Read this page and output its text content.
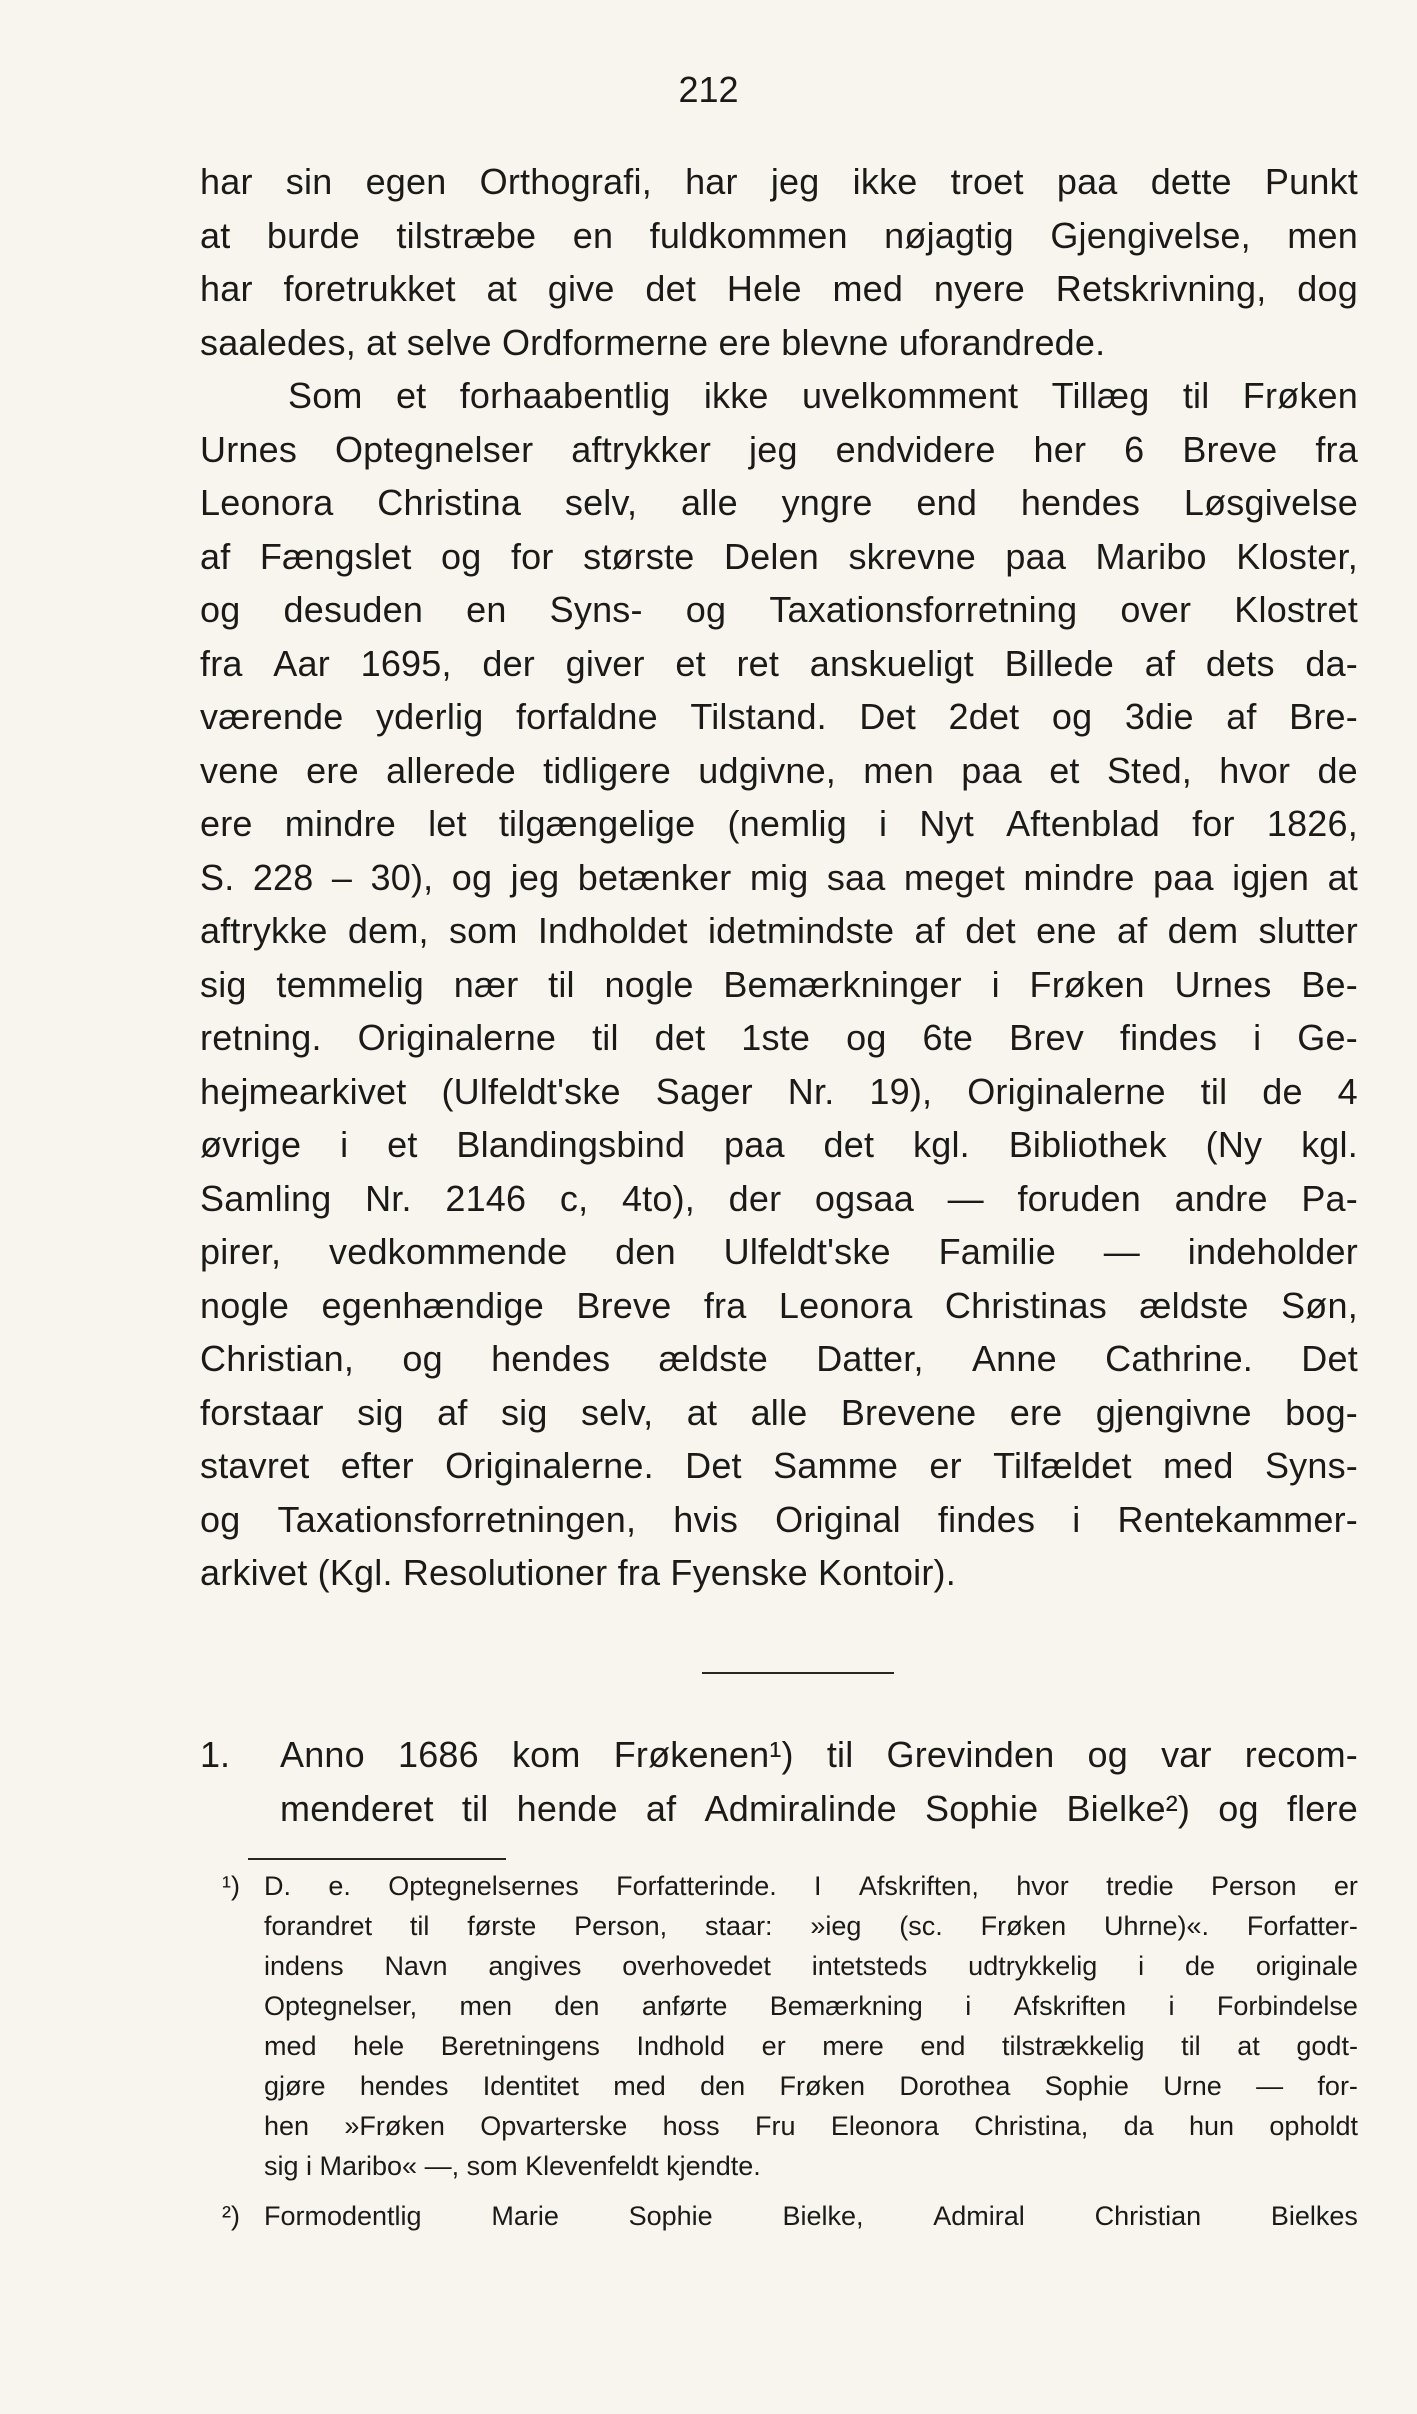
212
har sin egen Orthografi, har jeg ikke troet paa dette Punkt
at burde tilstræbe en fuldkommen nøjagtig Gjengivelse, men
har foretrukket at give det Hele med nyere Retskrivning, dog
saaledes, at selve Ordformerne ere blevne uforandrede.
Som et forhaabentlig ikke uvelkomment Tillæg til Frøken
Urnes Optegnelser aftrykker jeg endvidere her 6 Breve fra
Leonora Christina selv, alle yngre end hendes Løsgivelse
af Fængslet og for største Delen skrevne paa Maribo Kloster,
og desuden en Syns- og Taxationsforretning over Klostret
fra Aar 1695, der giver et ret anskueligt Billede af dets da-
værende yderlig forfaldne Tilstand. Det 2det og 3die af Bre-
vene ere allerede tidligere udgivne, men paa et Sted, hvor de
ere mindre let tilgængelige (nemlig i Nyt Aftenblad for 1826,
S. 228 – 30), og jeg betænker mig saa meget mindre paa igjen at
aftrykke dem, som Indholdet idetmindste af det ene af dem slutter
sig temmelig nær til nogle Bemærkninger i Frøken Urnes Be-
retning. Originalerne til det 1ste og 6te Brev findes i Ge-
hejmearkivet (Ulfeldt'ske Sager Nr. 19), Originalerne til de 4
øvrige i et Blandingsbind paa det kgl. Bibliothek (Ny kgl.
Samling Nr. 2146 c, 4to), der ogsaa — foruden andre Pa-
pirer, vedkommende den Ulfeldt'ske Familie — indeholder
nogle egenhændige Breve fra Leonora Christinas ældste Søn,
Christian, og hendes ældste Datter, Anne Cathrine. Det
forstaar sig af sig selv, at alle Brevene ere gjengivne bog-
stavret efter Originalerne. Det Samme er Tilfældet med Syns-
og Taxationsforretningen, hvis Original findes i Rentekammer-
arkivet (Kgl. Resolutioner fra Fyenske Kontoir).
1. Anno 1686 kom Frøkenen¹) til Grevinden og var recom-
menderet til hende af Admiralinde Sophie Bielke²) og flere
¹) D. e. Optegnelsernes Forfatterinde. I Afskriften, hvor tredie Person er
forandret til første Person, staar: »ieg (sc. Frøken Uhrne)«. Forfatter-
indens Navn angives overhovedet intetsteds udtrykkelig i de originale
Optegnelser, men den anførte Bemærkning i Afskriften i Forbindelse
med hele Beretningens Indhold er mere end tilstrækkelig til at godt-
gjøre hendes Identitet med den Frøken Dorothea Sophie Urne — for-
hen »Frøken Opvarterske hoss Fru Eleonora Christina, da hun opholdt
sig i Maribo« —, som Klevenfeldt kjendte.
²) Formodentlig	Marie	Sophie	Bielke,	Admiral	Christian	Bielkes
